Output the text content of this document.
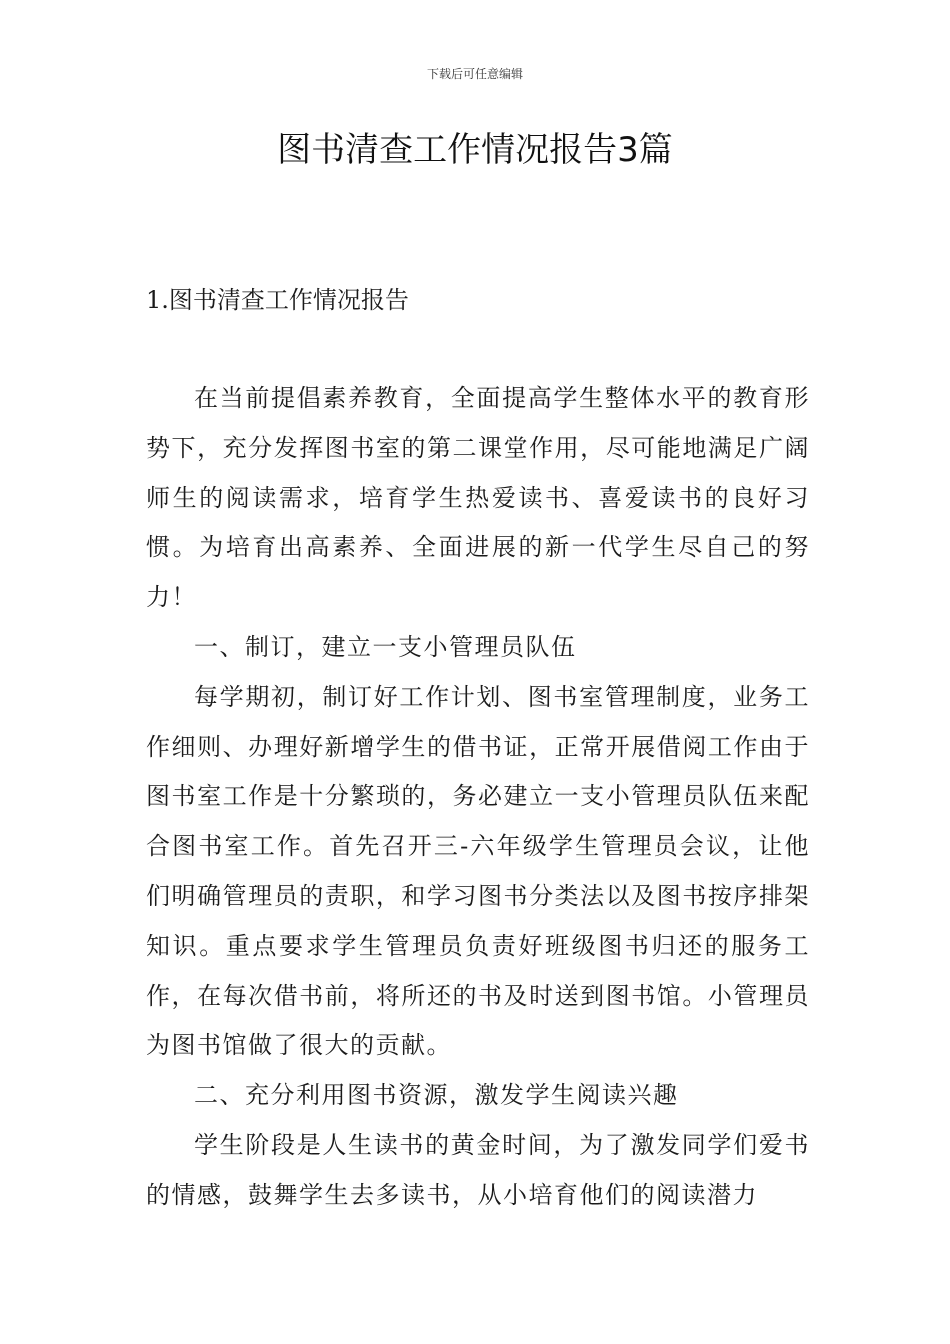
下载后可任意编辑
图书清查工作情况报告3篇
1.图书清查工作情况报告

在当前提倡素养教育，全面提高学生整体水平的教育形势下，充分发挥图书室的第二课堂作用，尽可能地满足广阔师生的阅读需求，培育学生热爱读书、喜爱读书的良好习惯。为培育出高素养、全面进展的新一代学生尽自己的努力！

一、制订，建立一支小管理员队伍

每学期初，制订好工作计划、图书室管理制度，业务工作细则、办理好新增学生的借书证，正常开展借阅工作由于图书室工作是十分繁琐的，务必建立一支小管理员队伍来配合图书室工作。首先召开三-六年级学生管理员会议，让他们明确管理员的责职，和学习图书分类法以及图书按序排架知识。重点要求学生管理员负责好班级图书归还的服务工作，在每次借书前，将所还的书及时送到图书馆。小管理员为图书馆做了很大的贡献。

二、充分利用图书资源，激发学生阅读兴趣

学生阶段是人生读书的黄金时间，为了激发同学们爱书的情感，鼓舞学生去多读书，从小培育他们的阅读潜力
